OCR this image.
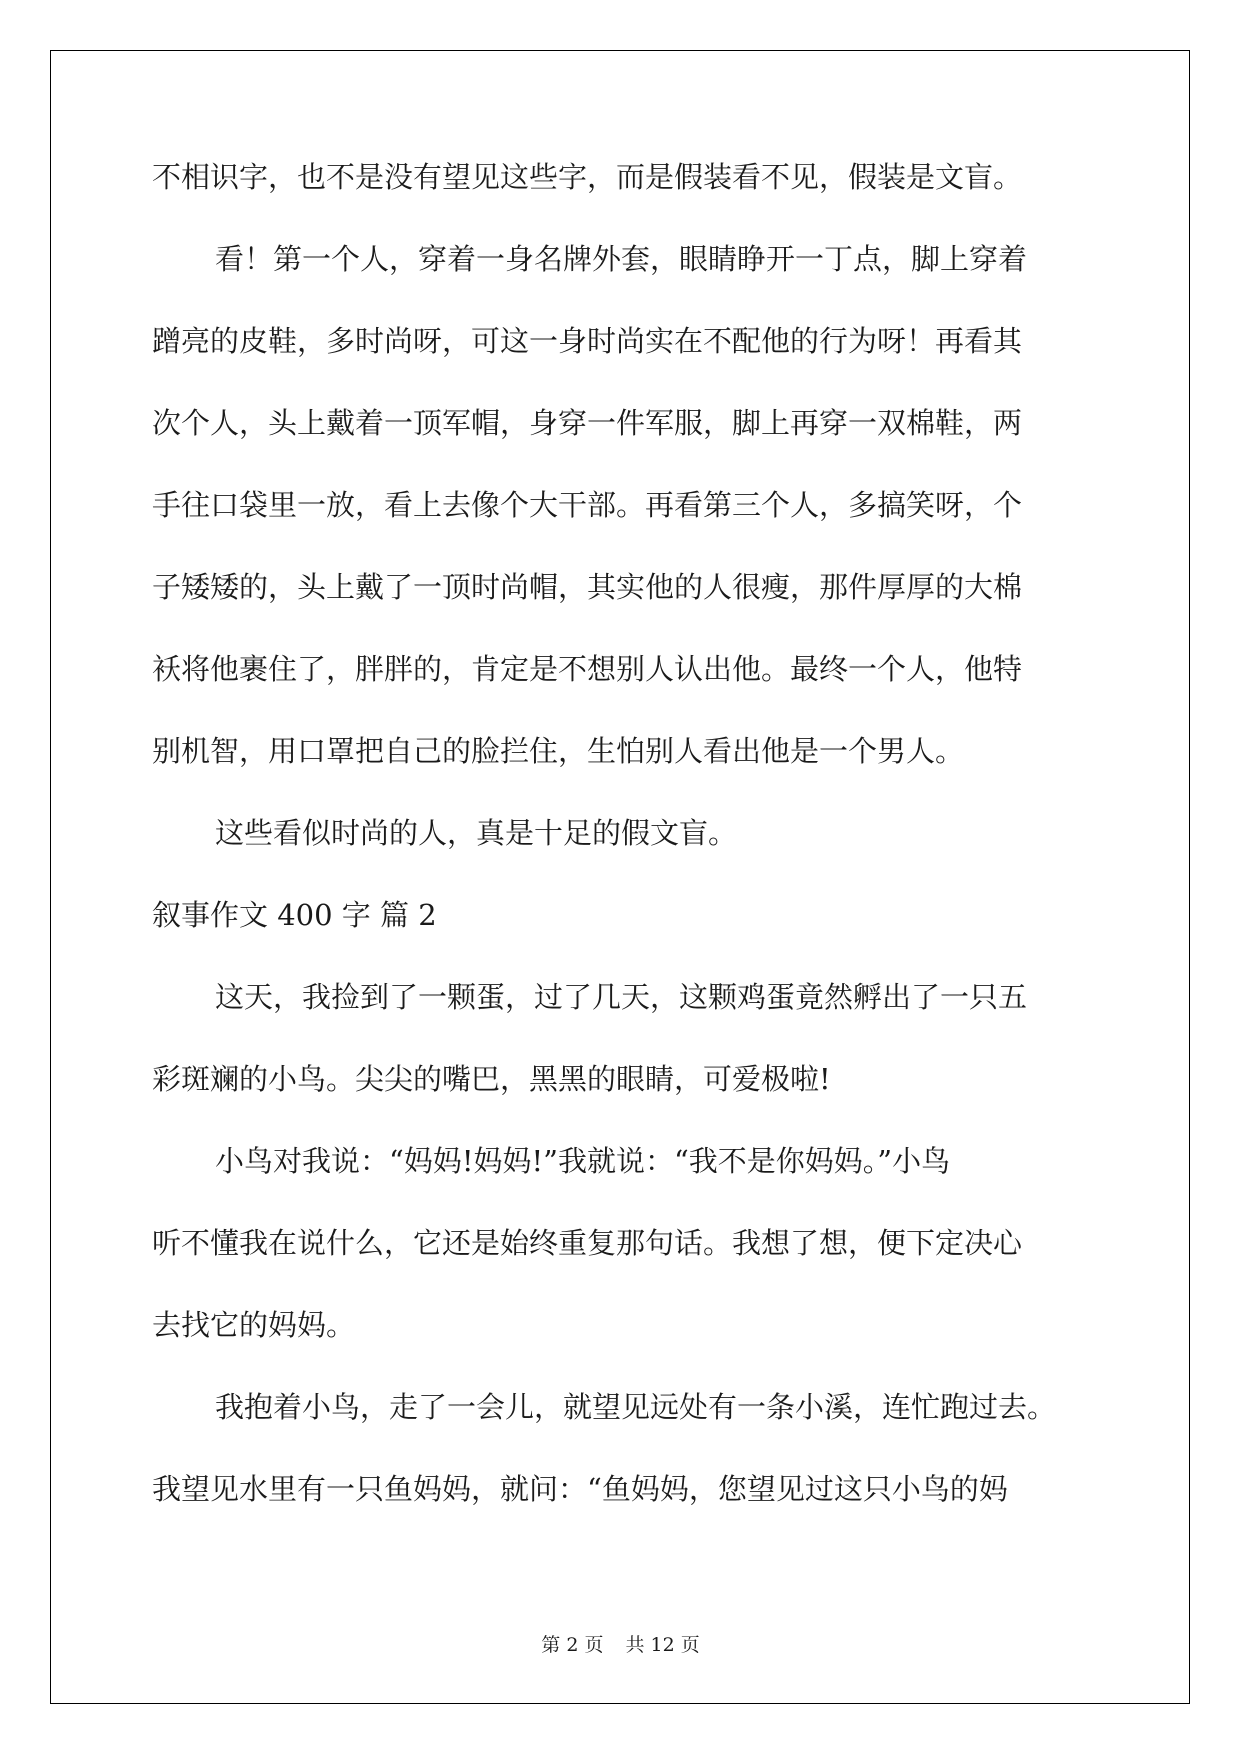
不相识字，也不是没有望见这些字，而是假装看不见，假装是文盲。
看！第一个人，穿着一身名牌外套，眼睛睁开一丁点，脚上穿着
蹭亮的皮鞋，多时尚呀，可这一身时尚实在不配他的行为呀！再看其
次个人，头上戴着一顶军帽，身穿一件军服，脚上再穿一双棉鞋，两
手往口袋里一放，看上去像个大干部。再看第三个人，多搞笑呀，个
子矮矮的，头上戴了一顶时尚帽，其实他的人很瘦，那件厚厚的大棉
袄将他裹住了，胖胖的，肯定是不想别人认出他。最终一个人，他特
别机智，用口罩把自己的脸拦住，生怕别人看出他是一个男人。
这些看似时尚的人，真是十足的假文盲。
叙事作文 400 字 篇 2
这天，我捡到了一颗蛋，过了几天，这颗鸡蛋竟然孵出了一只五
彩斑斓的小鸟。尖尖的嘴巴，黑黑的眼睛，可爱极啦!
小鸟对我说：“妈妈!妈妈!”我就说：“我不是你妈妈。”小鸟
听不懂我在说什么，它还是始终重复那句话。我想了想，便下定决心
去找它的妈妈。
我抱着小鸟，走了一会儿，就望见远处有一条小溪，连忙跑过去。
我望见水里有一只鱼妈妈，就问：“鱼妈妈，您望见过这只小鸟的妈
第 2 页 共 12 页
